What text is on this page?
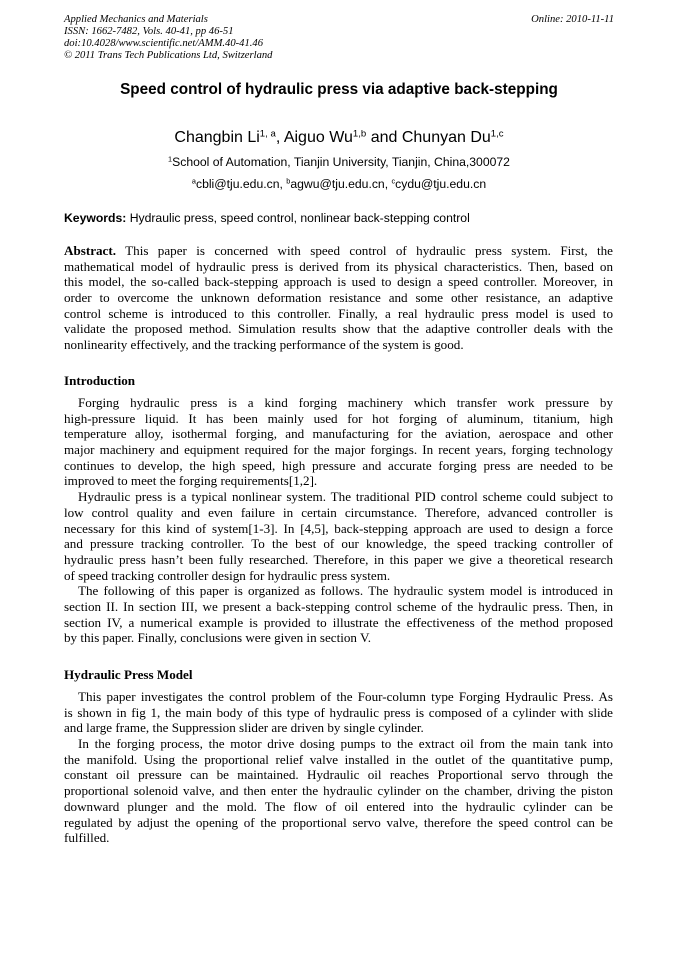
Applied Mechanics and Materials
ISSN: 1662-7482, Vols. 40-41, pp 46-51
doi:10.4028/www.scientific.net/AMM.40-41.46
© 2011 Trans Tech Publications Ltd, Switzerland
Online: 2010-11-11
Speed control of hydraulic press via adaptive back-stepping
Changbin Li$^{1, a}$, Aiguo Wu$^{1,b}$ and Chunyan Du$^{1,c}$
$^1$School of Automation, Tianjin University, Tianjin, China,300072
$^a$cbli@tju.edu.cn, $^b$agwu@tju.edu.cn, $^c$cydu@tju.edu.cn
Keywords: Hydraulic press, speed control, nonlinear back-stepping control
Abstract. This paper is concerned with speed control of hydraulic press system. First, the
mathematical model of hydraulic press is derived from its physical characteristics. Then, based on
this model, the so-called back-stepping approach is used to design a speed controller. Moreover, in
order to overcome the unknown deformation resistance and some other resistance, an adaptive
control scheme is introduced to this controller. Finally, a real hydraulic press model is used to
validate the proposed method. Simulation results show that the adaptive controller deals with the
nonlinearity effectively, and the tracking performance of the system is good.
Introduction
Forging hydraulic press is a kind forging machinery which transfer work pressure by
high-pressure liquid. It has been mainly used for hot forging of aluminum, titanium, high
temperature alloy, isothermal forging, and manufacturing for the aviation, aerospace and other
major machinery and equipment required for the major forgings. In recent years, forging technology
continues to develop, the high speed, high pressure and accurate forging press are needed to be
improved to meet the forging requirements[1,2].
Hydraulic press is a typical nonlinear system. The traditional PID control scheme could subject to
low control quality and even failure in certain circumstance. Therefore, advanced controller is
necessary for this kind of system[1-3]. In [4,5], back-stepping approach are used to design a force
and pressure tracking controller. To the best of our knowledge, the speed tracking controller of
hydraulic press hasn’t been fully researched. Therefore, in this paper we give a theoretical research
of speed tracking controller design for hydraulic press system.
The following of this paper is organized as follows. The hydraulic system model is introduced in
section II. In section III, we present a back-stepping control scheme of the hydraulic press. Then, in
section IV, a numerical example is provided to illustrate the effectiveness of the method proposed
by this paper. Finally, conclusions were given in section V.
Hydraulic Press Model
This paper investigates the control problem of the Four-column type Forging Hydraulic Press. As
is shown in fig 1, the main body of this type of hydraulic press is composed of a cylinder with slide
and large frame, the Suppression slider are driven by single cylinder.
In the forging process, the motor drive dosing pumps to the extract oil from the main tank into
the manifold. Using the proportional relief valve installed in the outlet of the quantitative pump,
constant oil pressure can be maintained. Hydraulic oil reaches Proportional servo through the
proportional solenoid valve, and then enter the hydraulic cylinder on the chamber, driving the piston
downward plunger and the mold. The flow of oil entered into the hydraulic cylinder can be
regulated by adjust the opening of the proportional servo valve, therefore the speed control can be
fulfilled.
